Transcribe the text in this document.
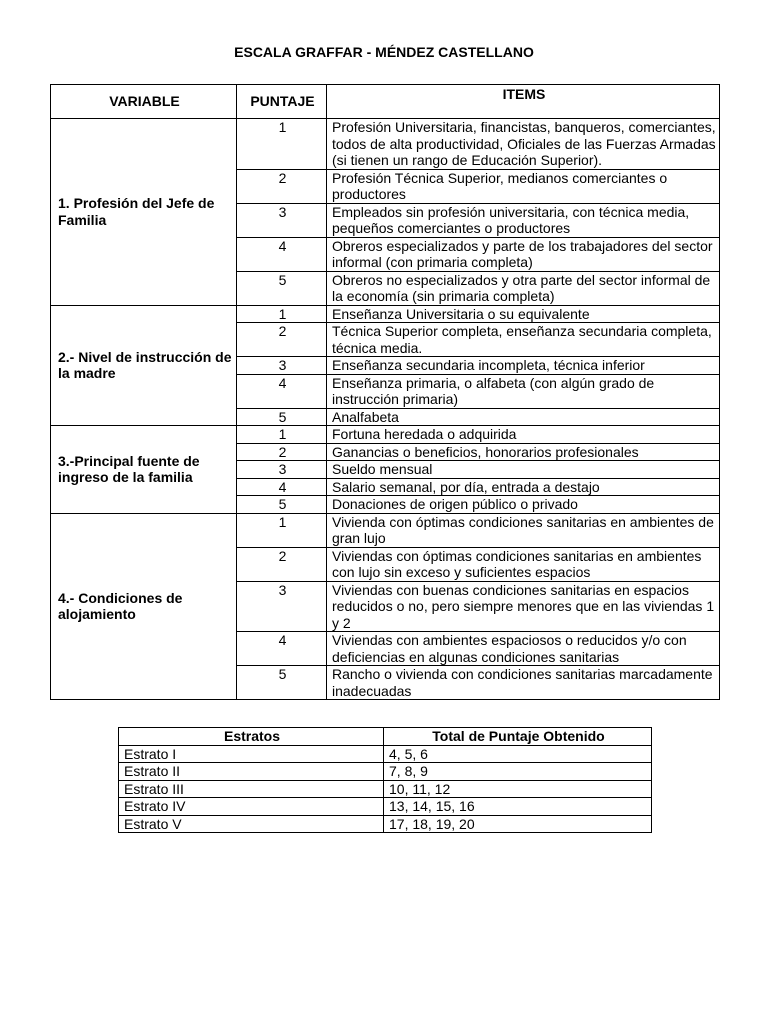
ESCALA GRAFFAR - MÉNDEZ CASTELLANO
VARIABLE	PUNTAJE	ITEMS
1. Profesión del Jefe de Familia	1	Profesión Universitaria, financistas, banqueros, comerciantes, todos de alta productividad, Oficiales de las Fuerzas Armadas (si tienen un rango de Educación Superior).
	2	Profesión Técnica Superior, medianos comerciantes o productores
	3	Empleados sin profesión universitaria, con técnica media, pequeños comerciantes o productores
	4	Obreros especializados y parte de los trabajadores del sector informal (con primaria completa)
	5	Obreros no especializados y otra parte del sector informal de la economía (sin primaria completa)
2.- Nivel de instrucción de la madre	1	Enseñanza Universitaria o su equivalente
	2	Técnica Superior completa, enseñanza secundaria completa, técnica media.
	3	Enseñanza secundaria incompleta, técnica inferior
	4	Enseñanza primaria, o alfabeta (con algún grado de instrucción primaria)
	5	Analfabeta
3.-Principal fuente de ingreso de la familia	1	Fortuna heredada o adquirida
	2	Ganancias o beneficios, honorarios profesionales
	3	Sueldo mensual
	4	Salario semanal, por día, entrada a destajo
	5	Donaciones de origen público o privado
4.- Condiciones de alojamiento	1	Vivienda con óptimas condiciones sanitarias en ambientes de gran lujo
	2	Viviendas con óptimas condiciones sanitarias en ambientes con lujo sin exceso y suficientes espacios
	3	Viviendas con buenas condiciones sanitarias en espacios reducidos o no, pero siempre menores que en las viviendas 1 y 2
	4	Viviendas con ambientes espaciosos o reducidos y/o con deficiencias en algunas condiciones sanitarias
	5	Rancho o vivienda con condiciones sanitarias marcadamente inadecuadas
Estratos	Total de Puntaje Obtenido
Estrato I	4, 5, 6
Estrato II	7, 8, 9
Estrato III	10, 11, 12
Estrato IV	13, 14, 15, 16
Estrato V	17, 18, 19, 20
